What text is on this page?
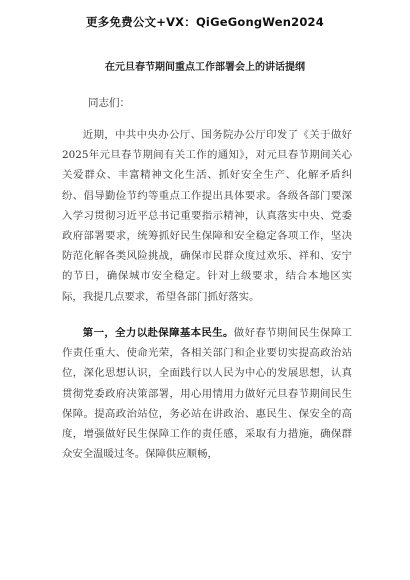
更多免费公文+VX：QiGeGongWen2024
在元旦春节期间重点工作部署会上的讲话提纲
同志们：

近期，中共中央办公厅、国务院办公厅印发了《关于做好2025年元旦春节期间有关工作的通知》，对元旦春节期间关心关爱群众、丰富精神文化生活、抓好安全生产、化解矛盾纠纷、倡导勤俭节约等重点工作提出具体要求。各级各部门要深入学习贯彻习近平总书记重要指示精神，认真落实中央、党委政府部署要求，统筹抓好民生保障和安全稳定各项工作，坚决防范化解各类风险挑战，确保市民群众度过欢乐、祥和、安宁的节日，确保城市安全稳定。针对上级要求，结合本地区实际，我提几点要求，希望各部门抓好落实。

第一，全力以赴保障基本民生。做好春节期间民生保障工作责任重大、使命光荣，各相关部门和企业要切实提高政治站位，深化思想认识，全面践行以人民为中心的发展思想，认真贯彻党委政府决策部署，用心用情用力做好元旦春节期间民生保障。提高政治站位，务必站在讲政治、惠民生、保安全的高度，增强做好民生保障工作的责任感，采取有力措施，确保群众安全温暖过冬。保障供应顺畅，
